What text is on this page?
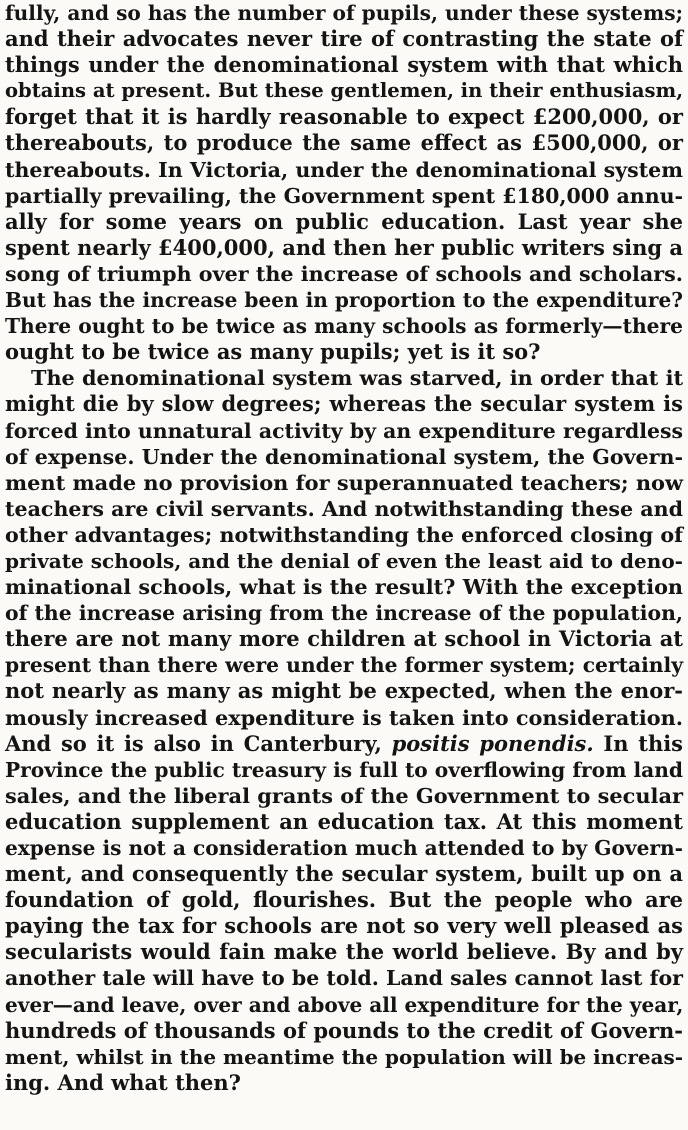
fully, and so has the number of pupils, under these systems;
and their advocates never tire of contrasting the state of
things under the denominational system with that which
obtains at present. But these gentlemen, in their enthusiasm,
forget that it is hardly reasonable to expect £200,000, or
thereabouts, to produce the same effect as £500,000, or
thereabouts. In Victoria, under the denominational system
partially prevailing, the Government spent £180,000 annu-
ally for some years on public education. Last year she
spent nearly £400,000, and then her public writers sing a
song of triumph over the increase of schools and scholars.
But has the increase been in proportion to the expenditure?
There ought to be twice as many schools as formerly—there
ought to be twice as many pupils; yet is it so?
The denominational system was starved, in order that it
might die by slow degrees; whereas the secular system is
forced into unnatural activity by an expenditure regardless
of expense. Under the denominational system, the Govern-
ment made no provision for superannuated teachers; now
teachers are civil servants. And notwithstanding these and
other advantages; notwithstanding the enforced closing of
private schools, and the denial of even the least aid to deno-
minational schools, what is the result? With the exception
of the increase arising from the increase of the population,
there are not many more children at school in Victoria at
present than there were under the former system; certainly
not nearly as many as might be expected, when the enor-
mously increased expenditure is taken into consideration.
And so it is also in Canterbury, positis ponendis. In this
Province the public treasury is full to overflowing from land
sales, and the liberal grants of the Government to secular
education supplement an education tax. At this moment
expense is not a consideration much attended to by Govern-
ment, and consequently the secular system, built up on a
foundation of gold, flourishes. But the people who are
paying the tax for schools are not so very well pleased as
secularists would fain make the world believe. By and by
another tale will have to be told. Land sales cannot last for
ever—and leave, over and above all expenditure for the year,
hundreds of thousands of pounds to the credit of Govern-
ment, whilst in the meantime the population will be increas-
ing. And what then?
